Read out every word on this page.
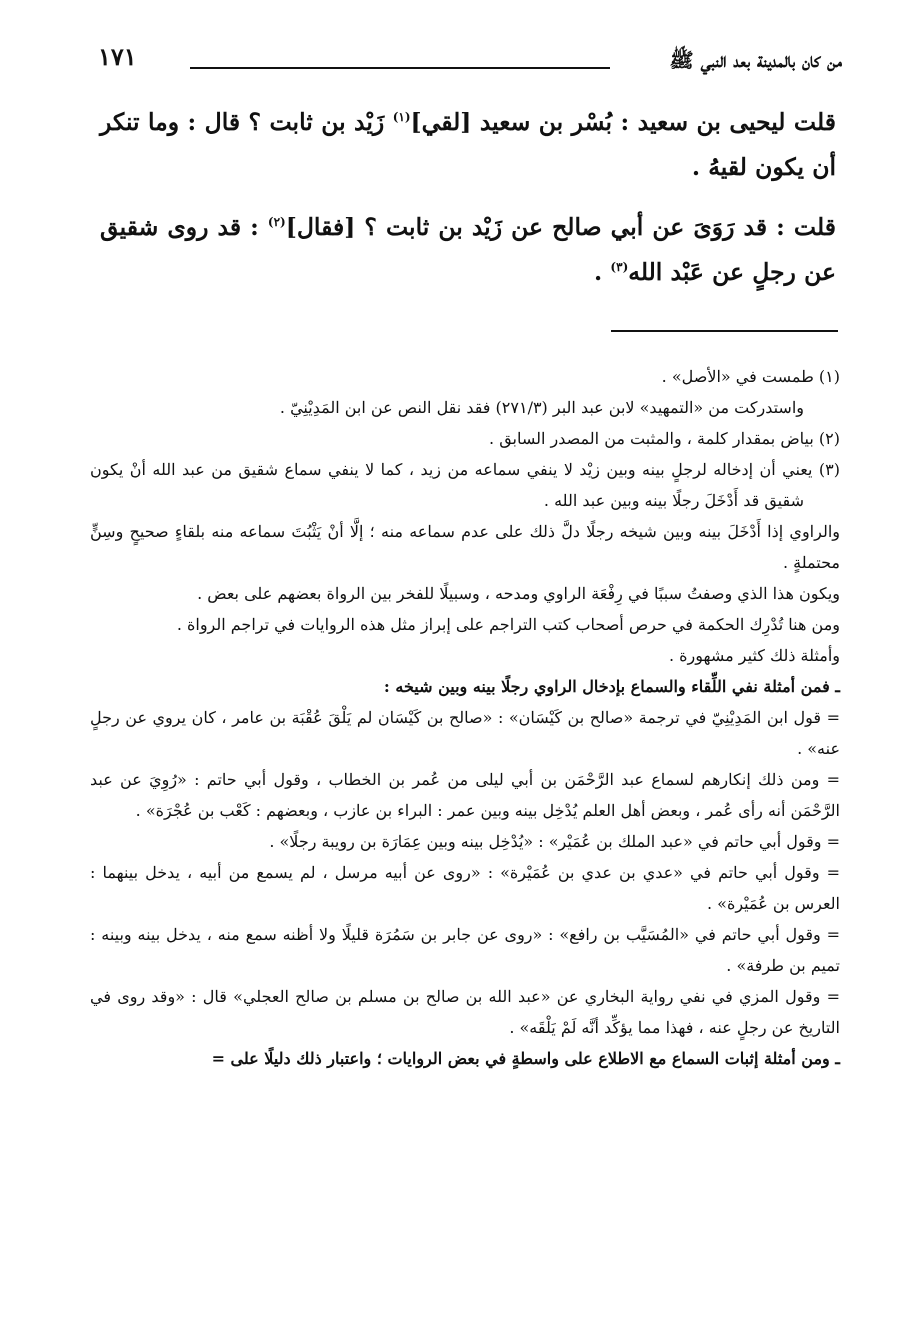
من كان بالمدينة بعد النبي ﷺ
١٧١

قلت ليحيى بن سعيد : بُسْر بن سعيد [لقي]$^{(١)}$ زَيْد بن ثابت ؟ قال : وما تنكر أن يكون لقيهُ .

قلت : قد رَوَىَ عن أبي صالح عن زَيْد بن ثابت ؟ [فقال]$^{(٢)}$ : قد روى شقيق عن رجلٍ عن عَبْد الله$^{(٣)}$ .

(١) طمست في «الأصل» .

واستدركت من «التمهيد» لابن عبد البر (٢٧١/٣) فقد نقل النص عن ابن المَدِيْنِيّ .

(٢) بياض بمقدار كلمة ، والمثبت من المصدر السابق .

(٣) يعني أن إدخاله لرجلٍ بينه وبين زيْد لا ينفي سماعه من زيد ، كما لا ينفي سماع شقيق من عبد الله أنْ يكون شقيق قد أَدْخَلَ رجلًا بينه وبين عبد الله .

والراوي إذا أَدْخَلَ بينه وبين شيخه رجلًا دلَّ ذلك على عدم سماعه منه ؛ إلَّا أنْ يَثْبُتَ سماعه منه بلقاءٍ صحيحٍ وسِنٍّ محتملةٍ .

ويكون هذا الذي وصفتُ سببًا في رِفْعَة الراوي ومدحه ، وسبيلًا للفخر بين الرواة بعضهم على بعض .

ومن هنا تُدْرِك الحكمة في حرص أصحاب كتب التراجم على إبراز مثل هذه الروايات في تراجم الرواة .

وأمثلة ذلك كثير مشهورة .

ـ فمن أمثلة نفي اللِّقاء والسماع بإدخال الراوي رجلًا بينه وبين شيخه :

= قول ابن المَدِيْنِيّ في ترجمة «صالح بن كَيْسَان» : «صالح بن كَيْسَان لم يَلْقَ عُقْبَة بن عامر ، كان يروي عن رجلٍ عنه» .

= ومن ذلك إنكارهم لسماع عبد الرَّحْمَن بن أبي ليلى من عُمر بن الخطاب ، وقول أبي حاتم : «رُوِيَ عن عبد الرَّحْمَن أنه رأى عُمر ، وبعض أهل العلم يُدْخِل بينه وبين عمر : البراء بن عازب ، وبعضهم : كَعْب بن عُجْرَة» .

= وقول أبي حاتم في «عبد الملك بن عُمَيْر» : «يُدْخِل بينه وبين عِمَارَة بن رويبة رجلًا» .

= وقول أبي حاتم في «عدي بن عدي بن عُمَيْرة» : «روى عن أبيه مرسل ، لم يسمع من أبيه ، يدخل بينهما : العرس بن عُمَيْرة» .

= وقول أبي حاتم في «المُسَيَّب بن رافع» : «روى عن جابر بن سَمُرَة قليلًا ولا أظنه سمع منه ، يدخل بينه وبينه : تميم بن طرفة» .

= وقول المزي في نفي رواية البخاري عن «عبد الله بن صالح بن مسلم بن صالح العجلي» قال : «وقد روى في التاريخ عن رجلٍ عنه ، فهذا مما يؤكِّد أنَّه لَمْ يَلْقَه» .

ـ ومن أمثلة إثبات السماع مع الاطلاع على واسطةٍ في بعض الروايات ؛ واعتبار ذلك دليلًا على =
